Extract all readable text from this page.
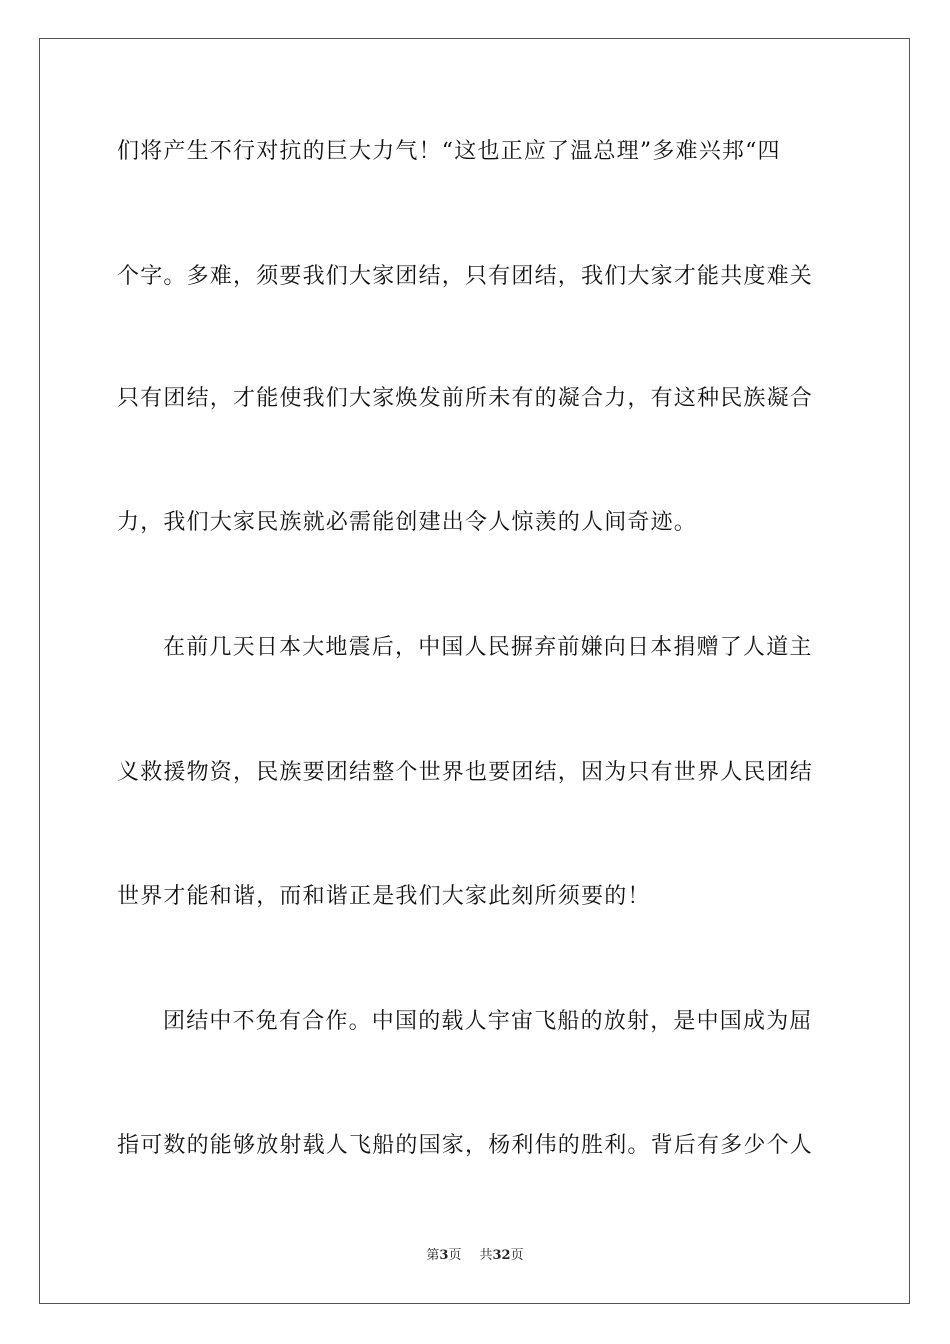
们将产生不行对抗的巨大力气！“这也正应了温总理”多难兴邦“四
个字。多难，须要我们大家团结，只有团结，我们大家才能共度难关
只有团结，才能使我们大家焕发前所未有的凝合力，有这种民族凝合
力，我们大家民族就必需能创建出令人惊羡的人间奇迹。
在前几天日本大地震后，中国人民摒弃前嫌向日本捐赠了人道主
义救援物资，民族要团结整个世界也要团结，因为只有世界人民团结
世界才能和谐，而和谐正是我们大家此刻所须要的！
团结中不免有合作。中国的载人宇宙飞船的放射，是中国成为屈
指可数的能够放射载人飞船的国家，杨利伟的胜利。背后有多少个人
第3页 共32页
